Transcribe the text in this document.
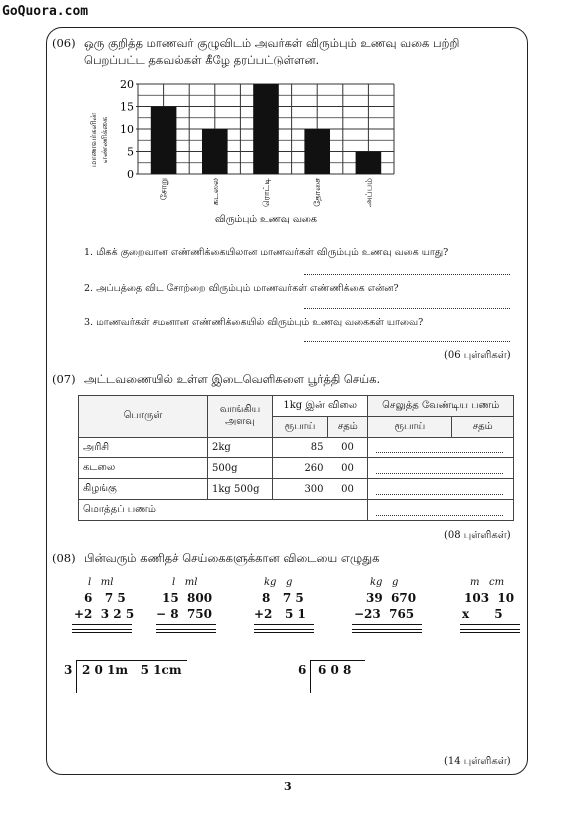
GoQuora.com
(06) ஒரு குறித்த மாணவர் குழுவிடம் அவர்கள் விரும்பும் உணவு வகை பற்றி
பெறப்பட்ட தகவல்கள் கீழே தரப்பட்டுள்ளன.
0
5
10
15
20
சோறு	கடலை	ரொட்டி	தோசை	அப்பம்
மாணவர்களின் எண்ணிக்கை
விரும்பும் உணவு வகை
1. மிகக் குறைவான எண்ணிக்கையிலான மாணவர்கள் விரும்பும் உணவு வகை யாது?
2. அப்பத்தை விட சோற்றை விரும்பும் மாணவர்கள் எண்ணிக்கை என்ன?
3. மாணவர்கள் சமனான எண்ணிக்கையில் விரும்பும் உணவு வகைகள் யாவை?
(06 புள்ளிகள்)
(07) அட்டவணையில் உள்ள இடைவெளிகளை பூர்த்தி செய்க.
பொருள்	வாங்கிய அளவு	1kg இன் விலை		செலுத்த வேண்டிய பணம்	
		ரூபாய்	சதம்	ரூபாய்	சதம்
அரிசி	2kg	85	00		

கடலை	500g	260	00		

கிழங்கு	1kg 500g	300	00		

மொத்தப் பணம்					
(08 புள்ளிகள்)
(08) பின்வரும் கணிதச் செய்கைகளுக்கான விடையை எழுதுக
l   ml
6   7 5
+2  3 2 5
l   ml
15  800
− 8  750
kg   g
8   7 5
+2   5 1
kg   g
39  670
−23  765
m   cm
103  10
x      5
3 2 0 1m   5 1cm	6 6 0 8
(14 புள்ளிகள்)
3
